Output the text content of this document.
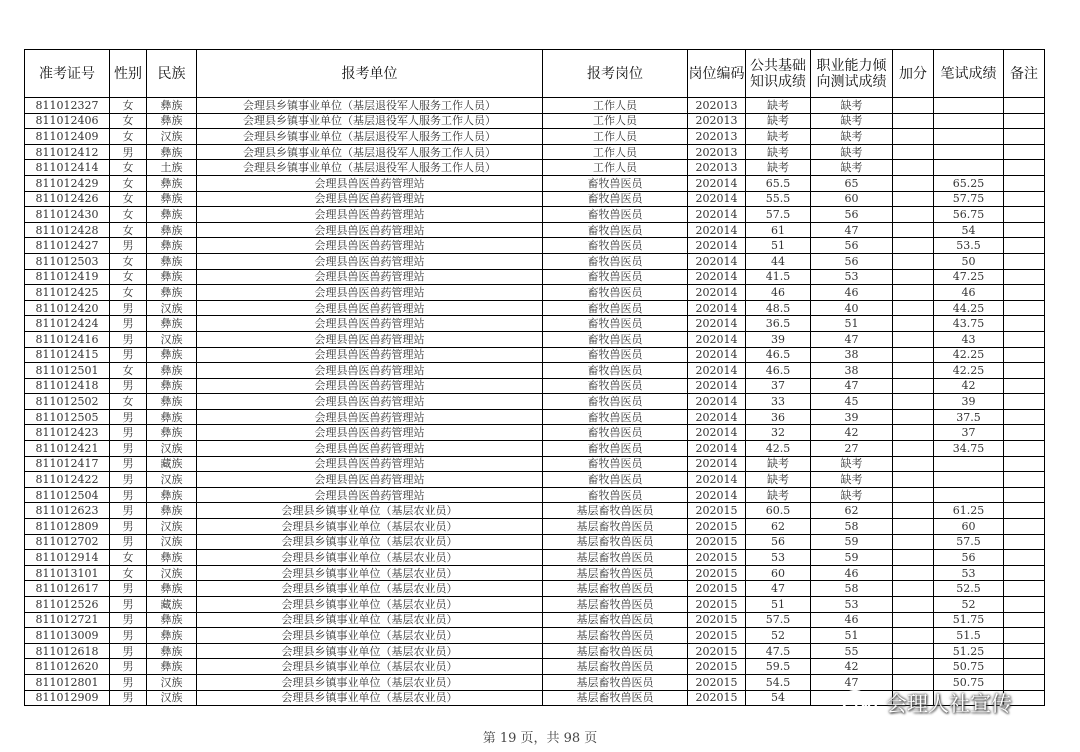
准考证号	性别	民族	报考单位	报考岗位	岗位编码	公共基础知识成绩	职业能力倾向测试成绩	加分	笔试成绩	备注
811012327	女	彝族	会理县乡镇事业单位（基层退役军人服务工作人员）	工作人员	202013	缺考	缺考			
811012406	女	彝族	会理县乡镇事业单位（基层退役军人服务工作人员）	工作人员	202013	缺考	缺考			
811012409	女	汉族	会理县乡镇事业单位（基层退役军人服务工作人员）	工作人员	202013	缺考	缺考			
811012412	男	彝族	会理县乡镇事业单位（基层退役军人服务工作人员）	工作人员	202013	缺考	缺考			
811012414	女	土族	会理县乡镇事业单位（基层退役军人服务工作人员）	工作人员	202013	缺考	缺考			
811012429	女	彝族	会理县兽医兽药管理站	畜牧兽医员	202014	65.5	65		65.25	
811012426	女	彝族	会理县兽医兽药管理站	畜牧兽医员	202014	55.5	60		57.75	
811012430	女	彝族	会理县兽医兽药管理站	畜牧兽医员	202014	57.5	56		56.75	
811012428	女	彝族	会理县兽医兽药管理站	畜牧兽医员	202014	61	47		54	
811012427	男	彝族	会理县兽医兽药管理站	畜牧兽医员	202014	51	56		53.5	
811012503	女	彝族	会理县兽医兽药管理站	畜牧兽医员	202014	44	56		50	
811012419	女	彝族	会理县兽医兽药管理站	畜牧兽医员	202014	41.5	53		47.25	
811012425	女	彝族	会理县兽医兽药管理站	畜牧兽医员	202014	46	46		46	
811012420	男	汉族	会理县兽医兽药管理站	畜牧兽医员	202014	48.5	40		44.25	
811012424	男	彝族	会理县兽医兽药管理站	畜牧兽医员	202014	36.5	51		43.75	
811012416	男	汉族	会理县兽医兽药管理站	畜牧兽医员	202014	39	47		43	
811012415	男	彝族	会理县兽医兽药管理站	畜牧兽医员	202014	46.5	38		42.25	
811012501	女	彝族	会理县兽医兽药管理站	畜牧兽医员	202014	46.5	38		42.25	
811012418	男	彝族	会理县兽医兽药管理站	畜牧兽医员	202014	37	47		42	
811012502	女	彝族	会理县兽医兽药管理站	畜牧兽医员	202014	33	45		39	
811012505	男	彝族	会理县兽医兽药管理站	畜牧兽医员	202014	36	39		37.5	
811012423	男	彝族	会理县兽医兽药管理站	畜牧兽医员	202014	32	42		37	
811012421	男	汉族	会理县兽医兽药管理站	畜牧兽医员	202014	42.5	27		34.75	
811012417	男	藏族	会理县兽医兽药管理站	畜牧兽医员	202014	缺考	缺考			
811012422	男	汉族	会理县兽医兽药管理站	畜牧兽医员	202014	缺考	缺考			
811012504	男	彝族	会理县兽医兽药管理站	畜牧兽医员	202014	缺考	缺考			
811012623	男	彝族	会理县乡镇事业单位（基层农业员）	基层畜牧兽医员	202015	60.5	62		61.25	
811012809	男	汉族	会理县乡镇事业单位（基层农业员）	基层畜牧兽医员	202015	62	58		60	
811012702	男	汉族	会理县乡镇事业单位（基层农业员）	基层畜牧兽医员	202015	56	59		57.5	
811012914	女	彝族	会理县乡镇事业单位（基层农业员）	基层畜牧兽医员	202015	53	59		56	
811013101	女	汉族	会理县乡镇事业单位（基层农业员）	基层畜牧兽医员	202015	60	46		53	
811012617	男	彝族	会理县乡镇事业单位（基层农业员）	基层畜牧兽医员	202015	47	58		52.5	
811012526	男	藏族	会理县乡镇事业单位（基层农业员）	基层畜牧兽医员	202015	51	53		52	
811012721	男	彝族	会理县乡镇事业单位（基层农业员）	基层畜牧兽医员	202015	57.5	46		51.75	
811013009	男	彝族	会理县乡镇事业单位（基层农业员）	基层畜牧兽医员	202015	52	51		51.5	
811012618	男	彝族	会理县乡镇事业单位（基层农业员）	基层畜牧兽医员	202015	47.5	55		51.25	
811012620	男	彝族	会理县乡镇事业单位（基层农业员）	基层畜牧兽医员	202015	59.5	42		50.75	
811012801	男	汉族	会理县乡镇事业单位（基层农业员）	基层畜牧兽医员	202015	54.5	47		50.75	
811012909	男	汉族	会理县乡镇事业单位（基层农业员）	基层畜牧兽医员	202015	54				
第 19 页，共 98 页
会理人社宣传
